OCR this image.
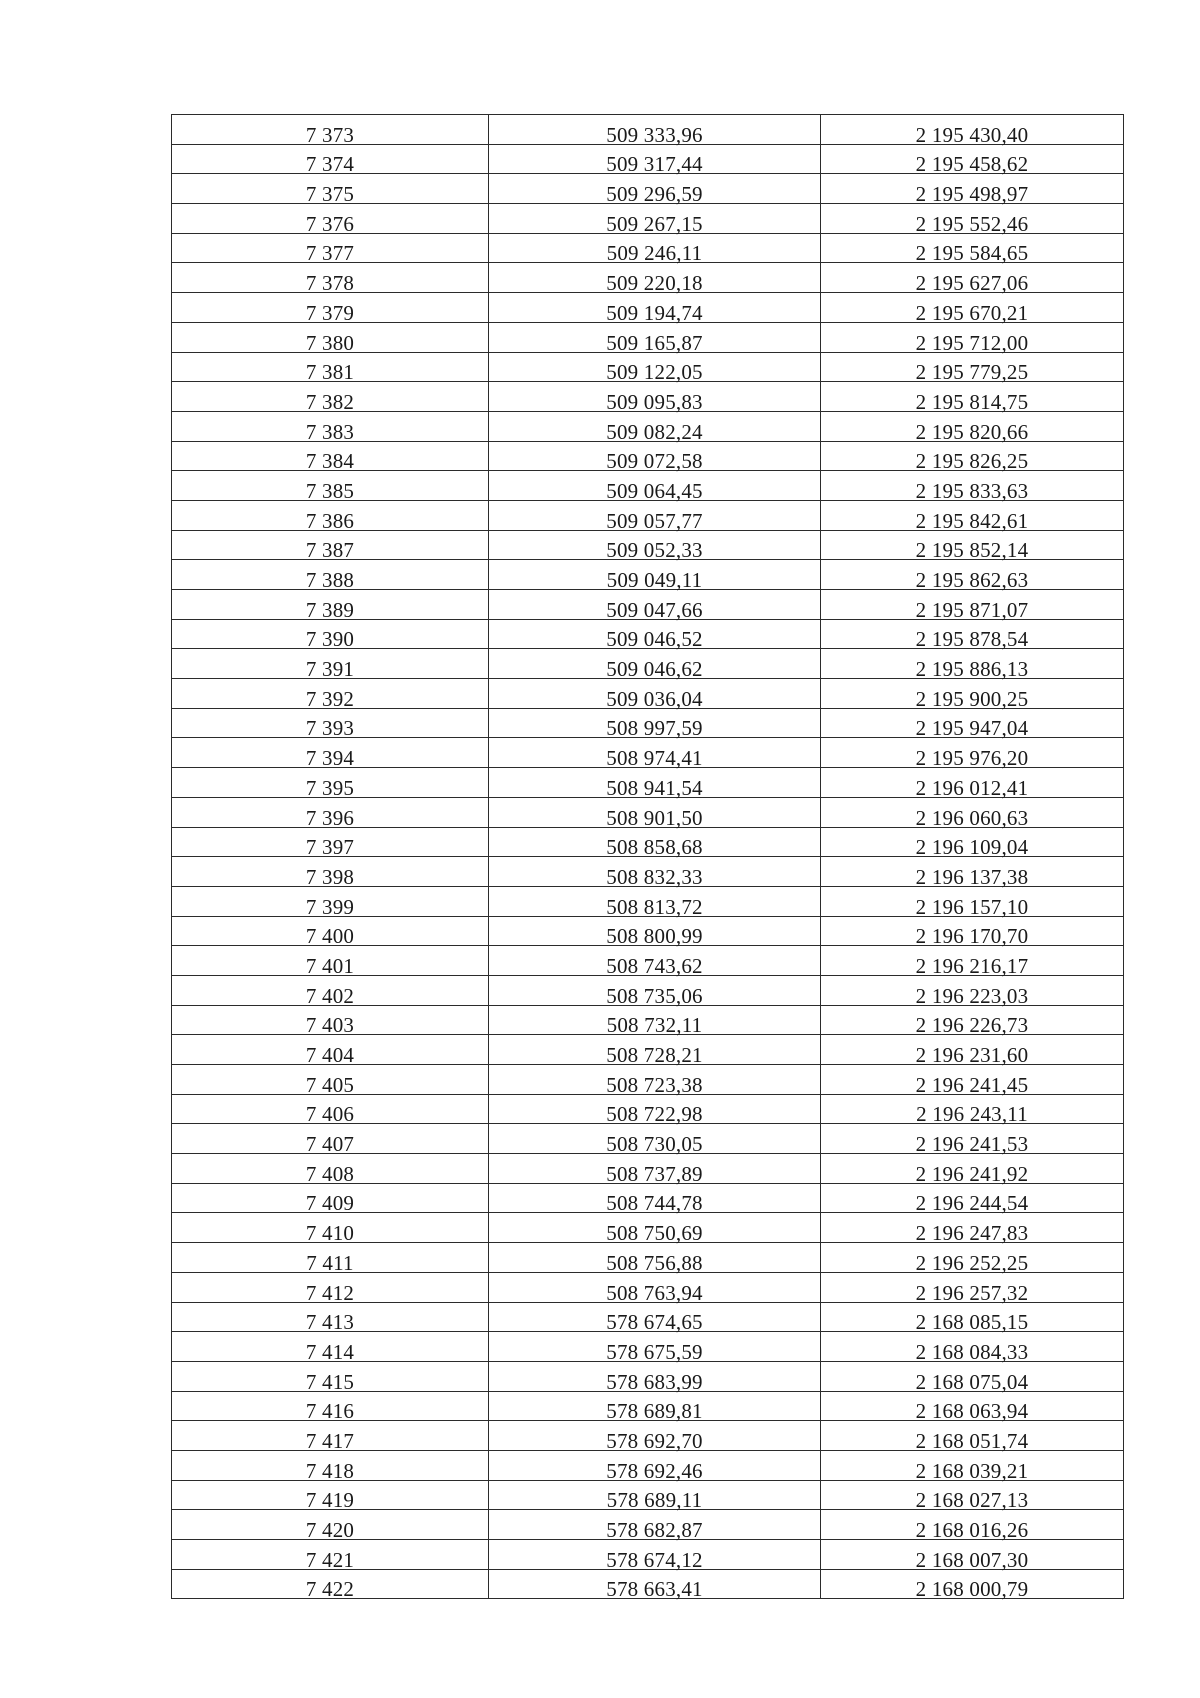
7 373	509 333,96	2 195 430,40
7 374	509 317,44	2 195 458,62
7 375	509 296,59	2 195 498,97
7 376	509 267,15	2 195 552,46
7 377	509 246,11	2 195 584,65
7 378	509 220,18	2 195 627,06
7 379	509 194,74	2 195 670,21
7 380	509 165,87	2 195 712,00
7 381	509 122,05	2 195 779,25
7 382	509 095,83	2 195 814,75
7 383	509 082,24	2 195 820,66
7 384	509 072,58	2 195 826,25
7 385	509 064,45	2 195 833,63
7 386	509 057,77	2 195 842,61
7 387	509 052,33	2 195 852,14
7 388	509 049,11	2 195 862,63
7 389	509 047,66	2 195 871,07
7 390	509 046,52	2 195 878,54
7 391	509 046,62	2 195 886,13
7 392	509 036,04	2 195 900,25
7 393	508 997,59	2 195 947,04
7 394	508 974,41	2 195 976,20
7 395	508 941,54	2 196 012,41
7 396	508 901,50	2 196 060,63
7 397	508 858,68	2 196 109,04
7 398	508 832,33	2 196 137,38
7 399	508 813,72	2 196 157,10
7 400	508 800,99	2 196 170,70
7 401	508 743,62	2 196 216,17
7 402	508 735,06	2 196 223,03
7 403	508 732,11	2 196 226,73
7 404	508 728,21	2 196 231,60
7 405	508 723,38	2 196 241,45
7 406	508 722,98	2 196 243,11
7 407	508 730,05	2 196 241,53
7 408	508 737,89	2 196 241,92
7 409	508 744,78	2 196 244,54
7 410	508 750,69	2 196 247,83
7 411	508 756,88	2 196 252,25
7 412	508 763,94	2 196 257,32
7 413	578 674,65	2 168 085,15
7 414	578 675,59	2 168 084,33
7 415	578 683,99	2 168 075,04
7 416	578 689,81	2 168 063,94
7 417	578 692,70	2 168 051,74
7 418	578 692,46	2 168 039,21
7 419	578 689,11	2 168 027,13
7 420	578 682,87	2 168 016,26
7 421	578 674,12	2 168 007,30
7 422	578 663,41	2 168 000,79
